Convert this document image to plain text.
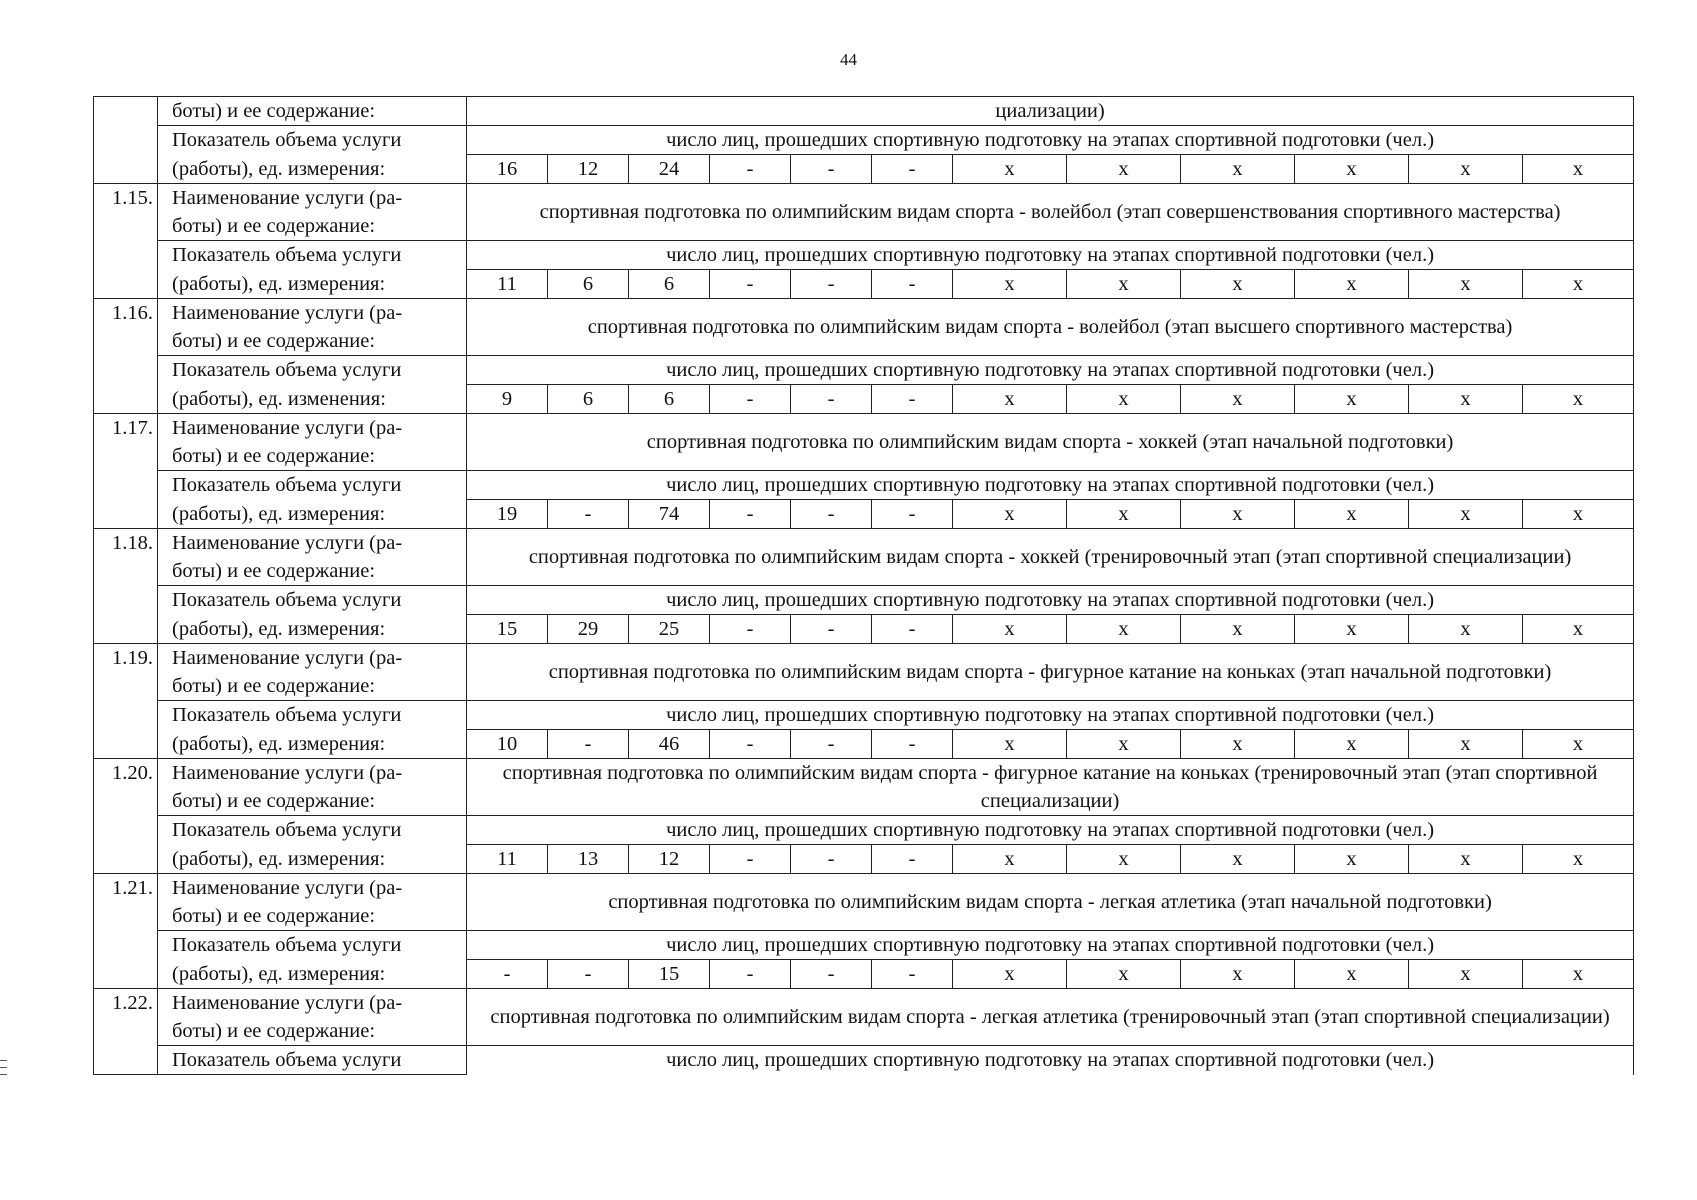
44
	боты) и ее содержание:	циализации)											
	Показатель объема услуги	число лиц, прошедших спортивную подготовку на этапах спортивной подготовки (чел.)											
	(работы), ед. измерения:	16	12	24	-	-	-	x	x	x	x	x	x
1.15.	Наименование услуги (ра-	спортивная подготовка по олимпийским видам спорта - волейбол (этап совершенствования спортивного мастерства)											
	боты) и ее содержание:												
	Показатель объема услуги	число лиц, прошедших спортивную подготовку на этапах спортивной подготовки (чел.)											
	(работы), ед. измерения:	11	6	6	-	-	-	x	x	x	x	x	x
1.16.	Наименование услуги (ра-	спортивная подготовка по олимпийским видам спорта - волейбол (этап высшего спортивного мастерства)											
	боты) и ее содержание:												
	Показатель объема услуги	число лиц, прошедших спортивную подготовку на этапах спортивной подготовки (чел.)											
	(работы), ед. изменения:	9	6	6	-	-	-	x	x	x	x	x	x
1.17.	Наименование услуги (ра-	спортивная подготовка по олимпийским видам спорта - хоккей (этап начальной подготовки)											
	боты) и ее содержание:												
	Показатель объема услуги	число лиц, прошедших спортивную подготовку на этапах спортивной подготовки (чел.)											
	(работы), ед. измерения:	19	-	74	-	-	-	x	x	x	x	x	x
1.18.	Наименование услуги (ра-	спортивная подготовка по олимпийским видам спорта - хоккей (тренировочный этап (этап спортивной специализации)											
	боты) и ее содержание:												
	Показатель объема услуги	число лиц, прошедших спортивную подготовку на этапах спортивной подготовки (чел.)											
	(работы), ед. измерения:	15	29	25	-	-	-	x	x	x	x	x	x
1.19.	Наименование услуги (ра-	спортивная подготовка по олимпийским видам спорта - фигурное катание на коньках (этап начальной подготовки)											
	боты) и ее содержание:												
	Показатель объема услуги	число лиц, прошедших спортивную подготовку на этапах спортивной подготовки (чел.)											
	(работы), ед. измерения:	10	-	46	-	-	-	x	x	x	x	x	x
1.20.	Наименование услуги (ра-	спортивная подготовка по олимпийским видам спорта - фигурное катание на коньках (тренировочный этап (этап спортивной специализации)											
	боты) и ее содержание:												
	Показатель объема услуги	число лиц, прошедших спортивную подготовку на этапах спортивной подготовки (чел.)											
	(работы), ед. измерения:	11	13	12	-	-	-	x	x	x	x	x	x
1.21.	Наименование услуги (ра-	спортивная подготовка по олимпийским видам спорта - легкая атлетика (этап начальной подготовки)											
	боты) и ее содержание:												
	Показатель объема услуги	число лиц, прошедших спортивную подготовку на этапах спортивной подготовки (чел.)											
	(работы), ед. измерения:	-	-	15	-	-	-	x	x	x	x	x	x
1.22.	Наименование услуги (ра-	спортивная подготовка по олимпийским видам спорта - легкая атлетика (тренировочный этап (этап спортивной специализации)											
	боты) и ее содержание:												
	Показатель объема услуги	число лиц, прошедших спортивную подготовку на этапах спортивной подготовки (чел.)											
